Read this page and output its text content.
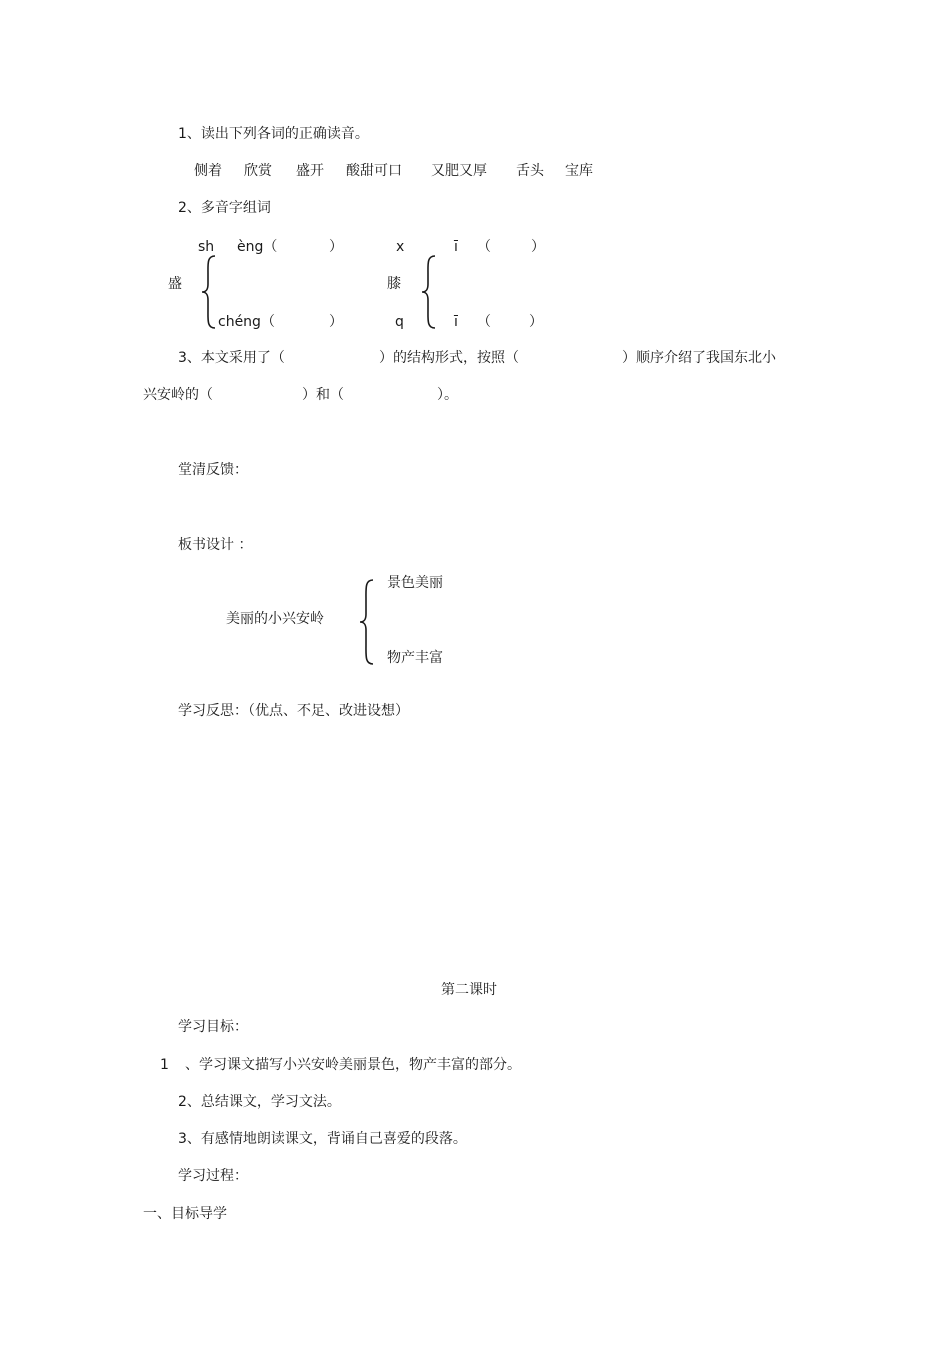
1、读出下列各词的正确读音。
侧着 欣赏 盛开 酸甜可口 又肥又厚 舌头 宝库
2、多音字组词
sh èng（	）
盛
chéng（	）
x	ī （	）
膝
q	ī （	）
3、本文采用了（	）的结构形式，按照（	）顺序介绍了我国东北小
兴安岭的（	）和（	）。
堂清反馈：
板书设计 ：
景色美丽
美丽的小兴安岭
物产丰富
学习反思：（优点、不足、改进设想）
第二课时
学习目标：
1 、学习课文描写小兴安岭美丽景色，物产丰富的部分。
2、总结课文，学习文法。
3、有感情地朗读课文，背诵自己喜爱的段落。
学习过程：
一、目标导学
